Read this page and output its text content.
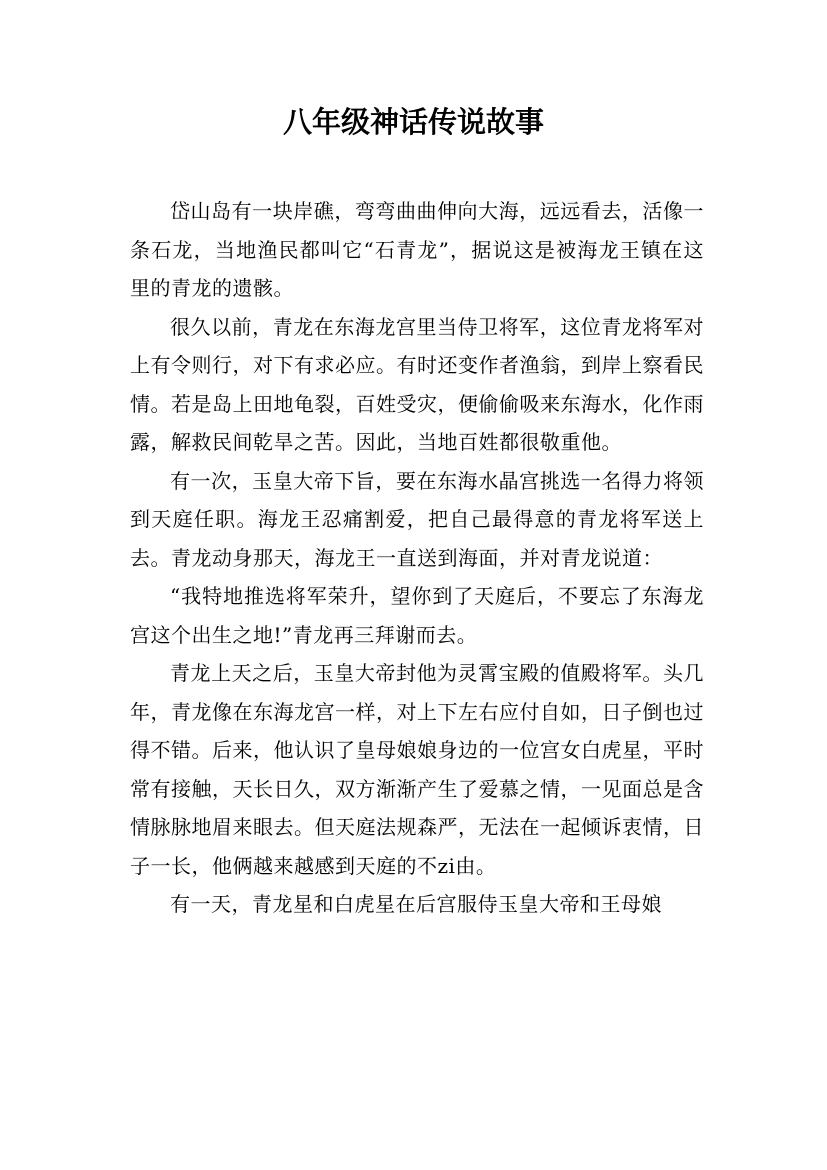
八年级神话传说故事

岱山岛有一块岸礁，弯弯曲曲伸向大海，远远看去，活像一条石龙，当地渔民都叫它“石青龙”，据说这是被海龙王镇在这里的青龙的遗骸。

很久以前，青龙在东海龙宫里当侍卫将军，这位青龙将军对上有令则行，对下有求必应。有时还变作者渔翁，到岸上察看民情。若是岛上田地龟裂，百姓受灾，便偷偷吸来东海水，化作雨露，解救民间乾旱之苦。因此，当地百姓都很敬重他。

有一次，玉皇大帝下旨，要在东海水晶宫挑选一名得力将领到天庭任职。海龙王忍痛割爱，把自己最得意的青龙将军送上去。青龙动身那天，海龙王一直送到海面，并对青龙说道：

“我特地推选将军荣升，望你到了天庭后，不要忘了东海龙宫这个出生之地!”青龙再三拜谢而去。

青龙上天之后，玉皇大帝封他为灵霄宝殿的值殿将军。头几年，青龙像在东海龙宫一样，对上下左右应付自如，日子倒也过得不错。后来，他认识了皇母娘娘身边的一位宫女白虎星，平时常有接触，天长日久，双方渐渐产生了爱慕之情，一见面总是含情脉脉地眉来眼去。但天庭法规森严，无法在一起倾诉衷情，日子一长，他俩越来越感到天庭的不zi由。

有一天，青龙星和白虎星在后宫服侍玉皇大帝和王母娘
